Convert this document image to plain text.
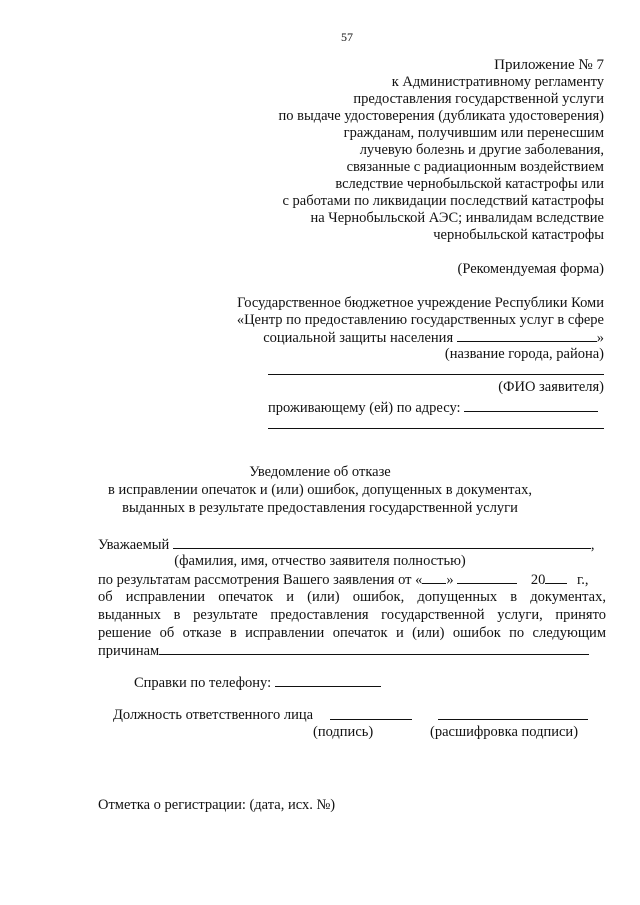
57
Приложение № 7
к Административному регламенту
предоставления государственной услуги
по выдаче удостоверения (дубликата удостоверения)
гражданам, получившим или перенесшим
лучевую болезнь и другие заболевания,
связанные с радиационным воздействием
вследствие чернобыльской катастрофы или
с работами по ликвидации последствий катастрофы
на Чернобыльской АЭС; инвалидам вследствие
чернобыльской катастрофы
(Рекомендуемая форма)
Государственное бюджетное учреждение Республики Коми
«Центр по предоставлению государственных услуг в сфере
социальной защиты населения	»
(название города, района)
(ФИО заявителя)
проживающему (ей) по адресу:
Уведомление об отказе
в исправлении опечаток и (или) ошибок, допущенных в документах,
выданных в результате предоставления государственной услуги
Уважаемый	,
(фамилия, имя, отчество заявителя полностью)
по результатам рассмотрения Вашего заявления от « »	20 г.,
об исправлении опечаток и (или) ошибок, допущенных в документах,
выданных в результате предоставления государственной услуги, принято
решение об отказе в исправлении опечаток и (или) ошибок по следующим
причинам
Справки по телефону:
Должность ответственного лица
(подпись)	(расшифровка подписи)
Отметка о регистрации: (дата, исх. №)
